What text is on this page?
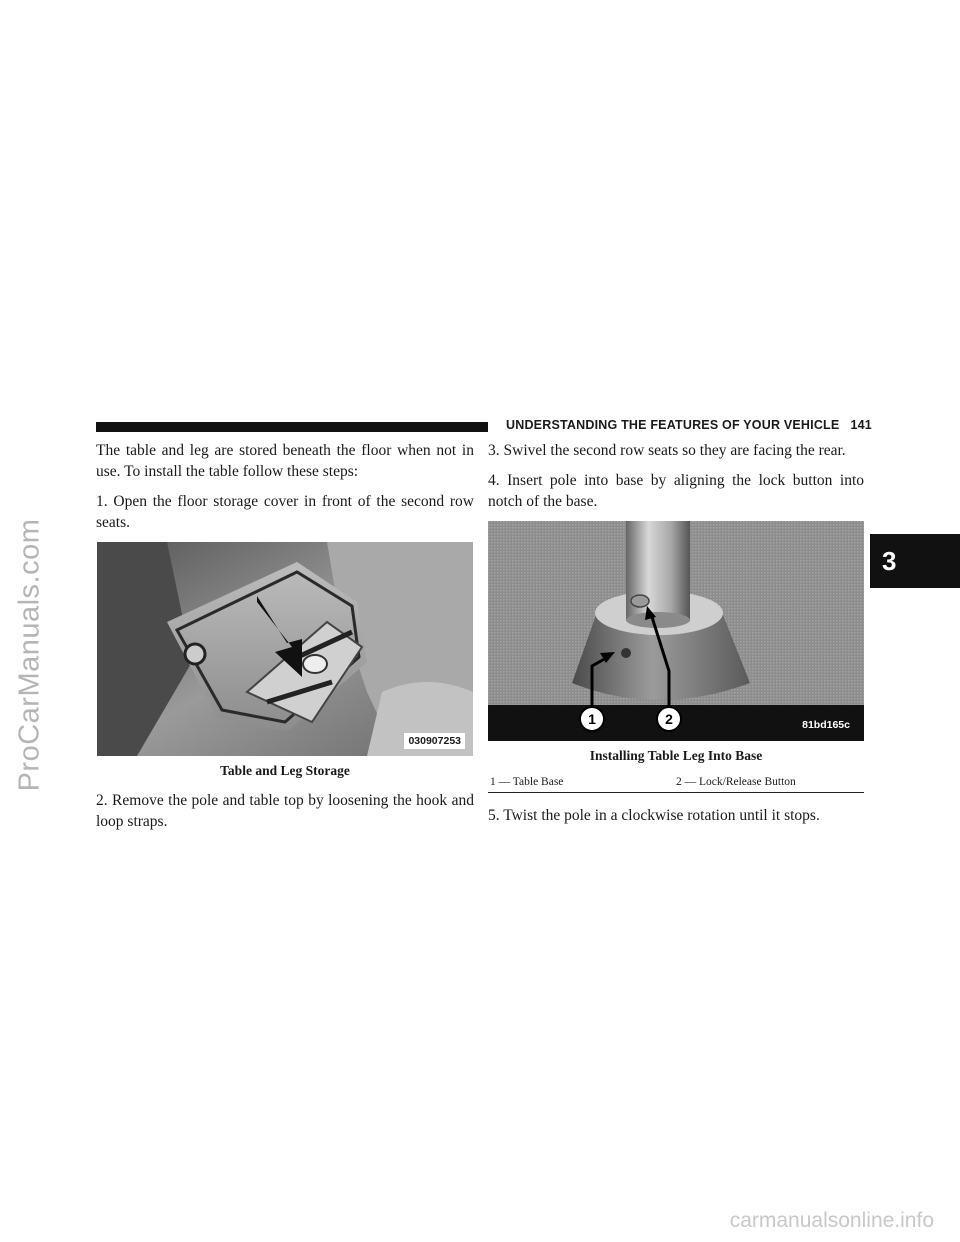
ProCarManuals.com
UNDERSTANDING THE FEATURES OF YOUR VEHICLE 141
3

The table and leg are stored beneath the floor when not in use. To install the table follow these steps:

1. Open the floor storage cover in front of the second row seats.

030907253
Table and Leg Storage

2. Remove the pole and table top by loosening the hook and loop straps.

3. Swivel the second row seats so they are facing the rear.

4. Insert pole into base by aligning the lock button into notch of the base.

1	2	81bd165c
Installing Table Leg Into Base
1 — Table Base	2 — Lock/Release Button

5. Twist the pole in a clockwise rotation until it stops.

carmanualsonline.info
